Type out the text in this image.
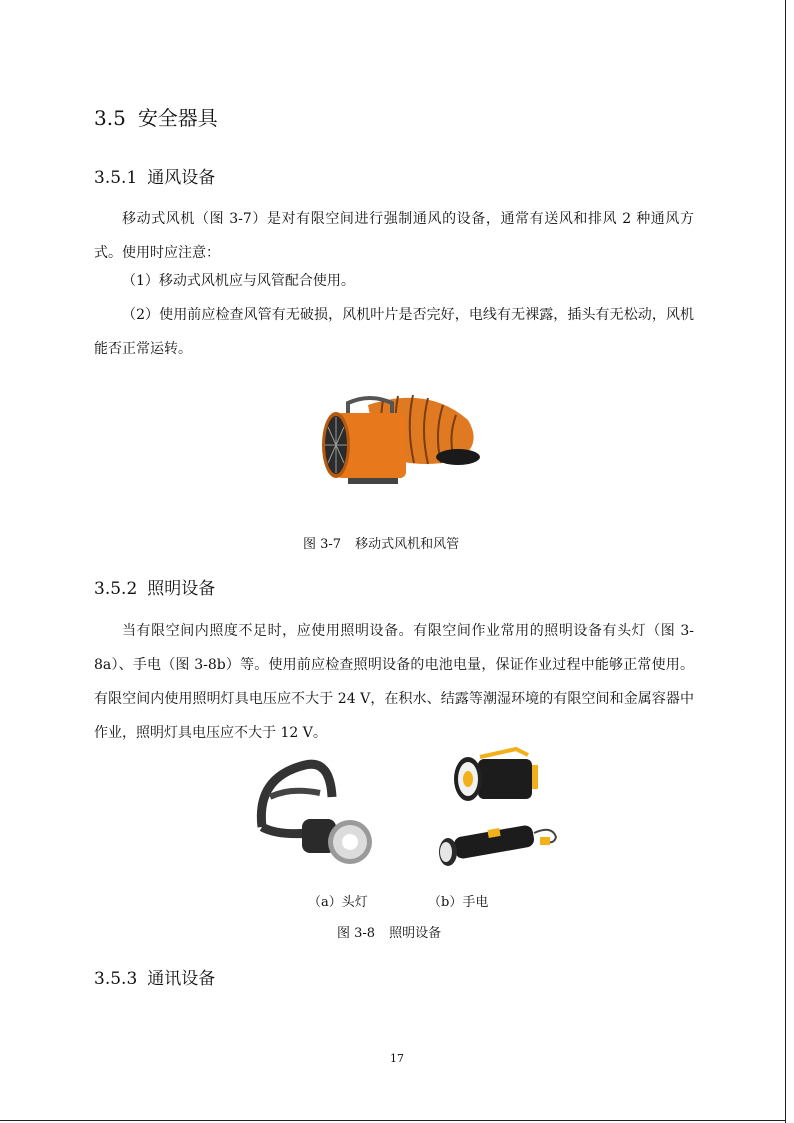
3.5 安全器具
3.5.1 通风设备

移动式风机（图 3-7）是对有限空间进行强制通风的设备，通常有送风和排风 2 种通风方式。使用时应注意：

（1）移动式风机应与风管配合使用。

（2）使用前应检查风管有无破损，风机叶片是否完好，电线有无裸露，插头有无松动，风机能否正常运转。

图 3-7 移动式风机和风管
3.5.2 照明设备

当有限空间内照度不足时，应使用照明设备。有限空间作业常用的照明设备有头灯（图 3-8a）、手电（图 3-8b）等。使用前应检查照明设备的电池电量，保证作业过程中能够正常使用。有限空间内使用照明灯具电压应不大于 24 V，在积水、结露等潮湿环境的有限空间和金属容器中作业，照明灯具电压应不大于 12 V。

（a）头灯	（b）手电
图 3-8 照明设备
3.5.3 通讯设备
17
